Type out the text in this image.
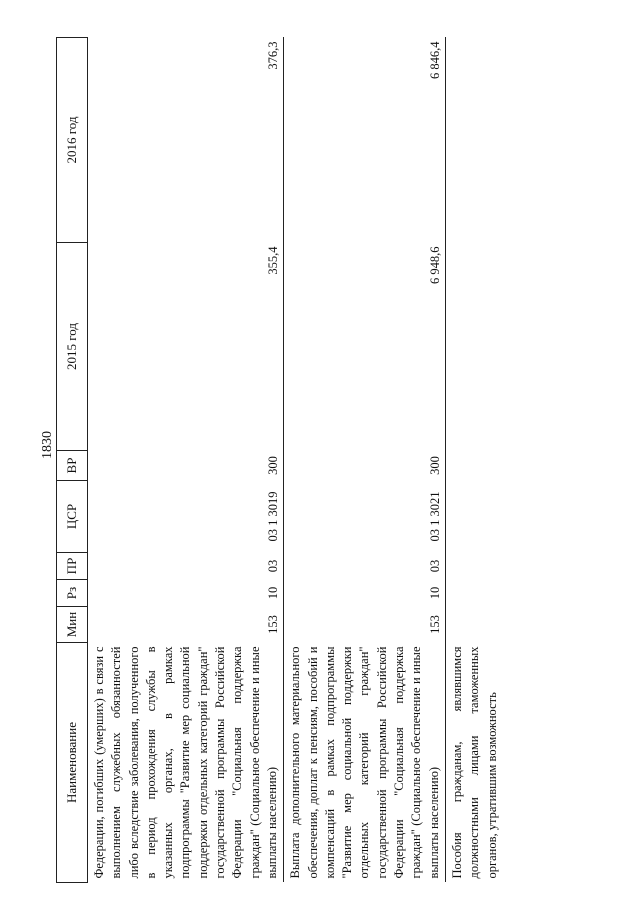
1830
Наименование	Мин	Рз	ПР	ЦСР	ВР	2015 год	2016 год
Федерации, погибших (умерших) в связи с выполнением служебных обязанностей либо вследствие заболевания, полученного в период прохождения службы в указанных органах, в рамках подпрограммы "Развитие мер социальной поддержки отдельных категорий граждан" государственной программы Российской Федерации "Социальная поддержка граждан" (Социальное обеспечение и иные выплаты населению)	153	10	03	03 1 3019	300	355,4	376,3
Выплата дополнительного материального обеспечения, доплат к пенсиям, пособий и компенсаций в рамках подпрограммы "Развитие мер социальной поддержки отдельных категорий граждан" государственной программы Российской Федерации "Социальная поддержка граждан" (Социальное обеспечение и иные выплаты населению)	153	10	03	03 1 3021	300	6 948,6	6 846,4
Пособия гражданам, являвшимся должностными лицами таможенных органов, утратившим возможность							
